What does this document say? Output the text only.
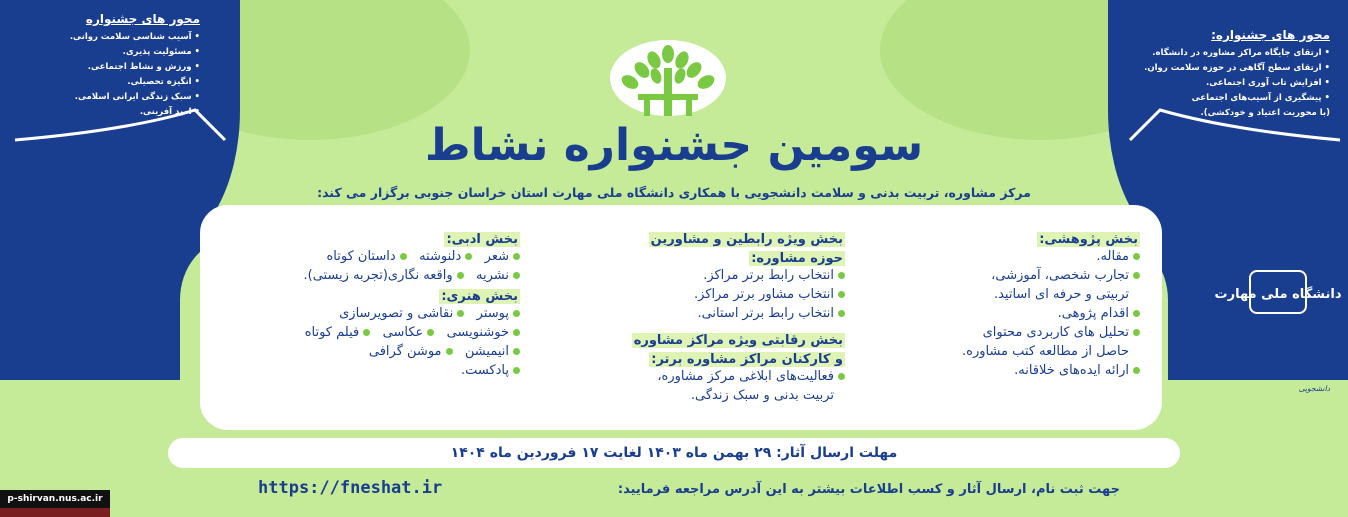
محور های جشنواره
• آسیب شناسی سلامت روانی.
• مسئولیت پذیری.
• ورزش و نشاط اجتماعی.
• انگیزه تحصیلی.
• سبک زندگی ایرانی اسلامی.
• امید آفرینی.
محور های جشنواره:
• ارتقای جایگاه مراکز مشاوره در دانشگاه.
• ارتقای سطح آگاهی در حوزه سلامت روان.
• افزایش تاب آوری اجتماعی.
• پیشگیری از آسیب‌های اجتماعی
(با محوریت اعتیاد و خودکشی).
سومین جشنواره نشاط
مرکز مشاوره، تربیت بدنی و سلامت دانشجویی با همکاری دانشگاه ملی مهارت استان خراسان جنوبی برگزار می کند:
بخش پژوهشی:
مقاله.
تجارب شخصی، آموزشی،
تربیتی و حرفه ای اساتید.
اقدام پژوهی.
تحلیل های کاربردی محتوای
حاصل از مطالعه کتب مشاوره.
ارائه ایده‌های خلاقانه.
بخش ویژه رابطین و مشاورین
حوزه مشاوره:
انتخاب رابط برتر مراکز.
انتخاب مشاور برتر مراکز.
انتخاب رابط برتر استانی.
بخش رقابتی ویژه مراکز مشاوره
و کارکنان مراکز مشاوره برتر:
فعالیت‌های ابلاغی مرکز مشاوره،
تربیت بدنی و سبک زندگی.
بخش ادبی:
شعر   دلنوشته   داستان کوتاه
نشریه   واقعه نگاری(تجربه زیستی).
بخش هنری:
پوستر   نقاشی و تصویرسازی
خوشنویسی   عکاسی   فیلم کوتاه
انیمیشن   موشن گرافی
پادکست.
دانشگاه ملی مهارت
وزارت علوم، تحقیقات و فناوری
دانشگاه ملی مهارت
معاونت فرهنگی و دانشجویی
مرکز مشاوره، تربیت بدنی و سلامت دانشجویی
مهلت ارسال آثار: ۲۹ بهمن ماه ۱۴۰۳ لغایت ۱۷ فروردین ماه ۱۴۰۴
جهت ثبت نام، ارسال آثار و کسب اطلاعات بیشتر به این آدرس مراجعه فرمایید:
https://fneshat.ir
p-shirvan.nus.ac.ir
